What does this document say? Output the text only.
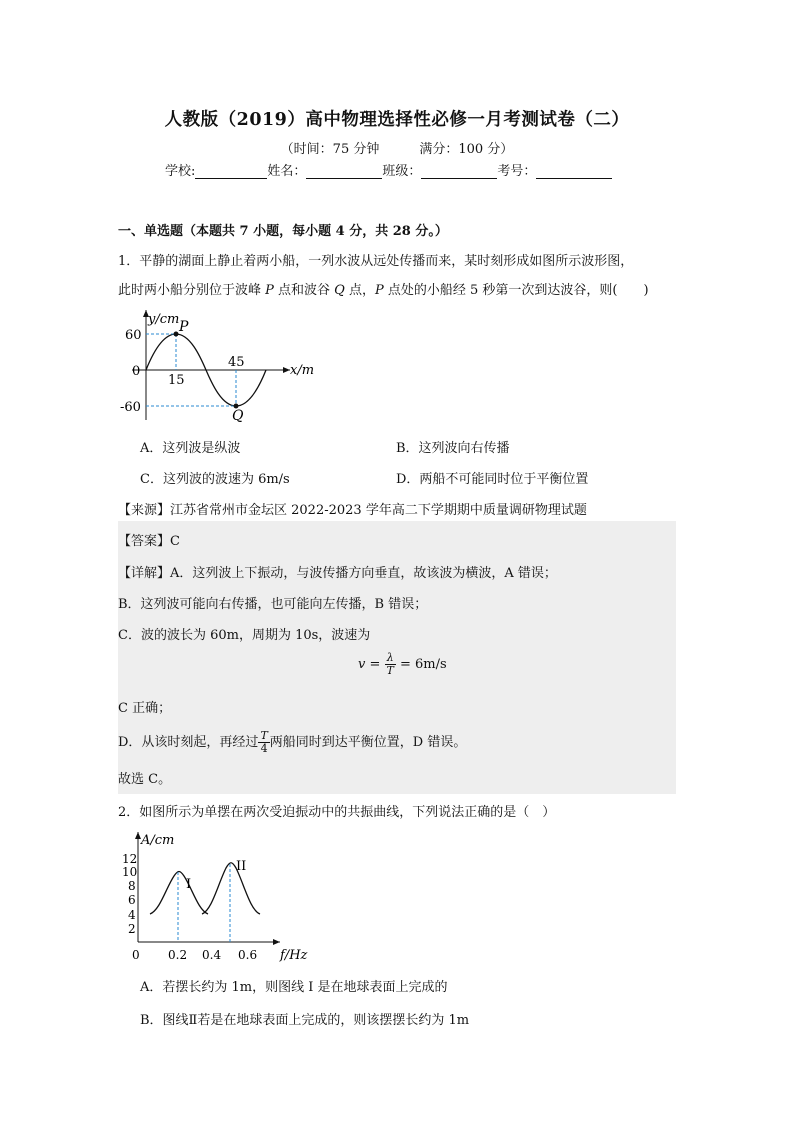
人教版（2019）高中物理选择性必修一月考测试卷（二）
（时间：75 分钟	满分：100 分）
学校:	姓名：	班级：	考号：
一、单选题（本题共 7 小题，每小题 4 分，共 28 分。）
1．平静的湖面上静止着两小船，一列水波从远处传播而来，某时刻形成如图所示波形图，
此时两小船分别位于波峰 P 点和波谷 Q 点，P 点处的小船经 5 秒第一次到达波谷，则(　　)
y/cm
x/m
P
Q
60
0
-60
15
45
A．这列波是纵波	B．这列波向右传播
C．这列波的波速为 6m/s	D．两船不可能同时位于平衡位置
【来源】江苏省常州市金坛区 2022-2023 学年高二下学期期中质量调研物理试题
【答案】C
【详解】A．这列波上下振动，与波传播方向垂直，故该波为横波，A 错误；
B．这列波可能向右传播，也可能向左传播，B 错误；
C．波的波长为 60m，周期为 10s，波速为
$v = \frac{\lambda}{T} = 6m/s$
C 正确；
D．从该时刻起，再经过 $\frac{T}{4}$ 两船同时到达平衡位置，D 错误。
故选 C。
2．如图所示为单摆在两次受迫振动中的共振曲线，下列说法正确的是（　）
A/cm
f/Hz
I
II
12
10
8
6
4
2
0 0.2 0.4 0.6
A．若摆长约为 1m，则图线 I 是在地球表面上完成的
B．图线Ⅱ若是在地球表面上完成的，则该摆摆长约为 1m
